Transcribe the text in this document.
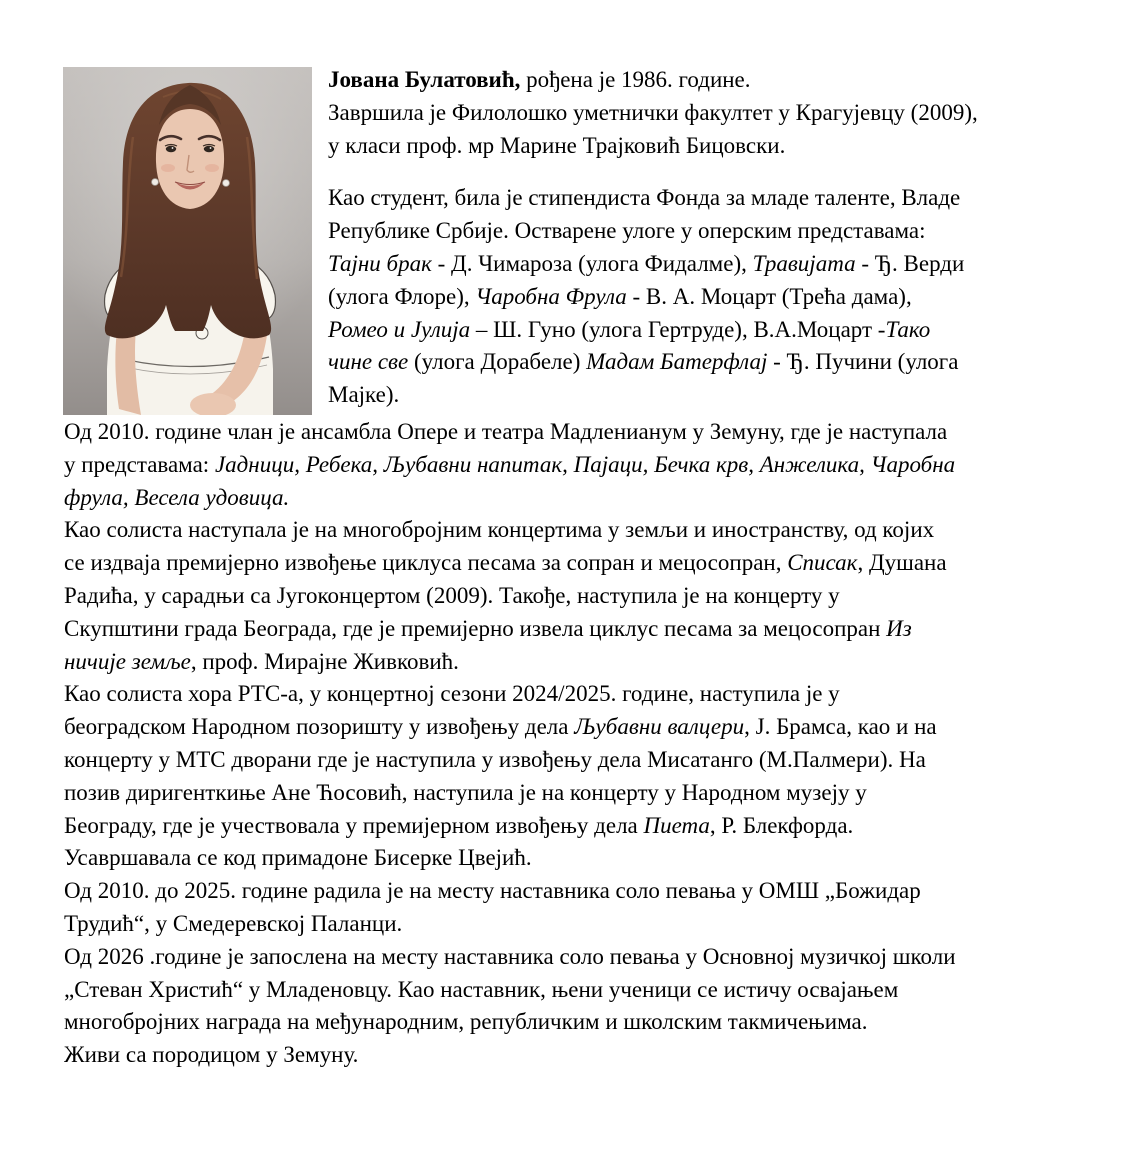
Јована Булатовић, рођена је 1986. године.
Завршила је Филолошко уметнички факултет у Крагујевцу (2009),
у класи проф. мр Марине Трајковић Бицовски.
Као студент, била је стипендиста Фонда за младе таленте, Владе
Републике Србије. Остварене улоге у оперским представама:
Тајни брак - Д. Чимароза (улога Фидалме), Травијата - Ђ. Верди
(улога Флоре), Чаробна Фрула - В. А. Моцарт (Трећа дама),
Ромео и Јулија – Ш. Гуно (улога Гертруде), В.А.Моцарт -Тако
чине све (улога Дорабеле) Мадам Батерфлај - Ђ. Пучини (улога
Мајке).
Од 2010. године члан је ансамбла Опере и театра Мадленианум у Земуну, где је наступала
у представама: Јадници, Ребека, Љубавни напитак, Пајаци, Бечка крв, Анжелика, Чаробна
фрула, Весела удовица.
Као солиста наступала је на многобројним концертима у земљи и иностранству, од којих
се издваја премијерно извођење циклуса песама за сопран и мецосопран, Списак, Душана
Радића, у сарадњи са Југоконцертом (2009). Такође, наступила је на концерту у
Скупштини града Београда, где је премијерно извела циклус песама за мецосопран Из
ничије земље, проф. Мирајне Живковић.
Као солиста хора РТС-а, у концертној сезони 2024/2025. године, наступила је у
београдском Народном позоришту у извођењу дела Љубавни валцери, Ј. Брамса, као и на
концерту у МТС дворани где је наступила у извођењу дела Мисатанго (М.Палмери). На
позив диригенткиње Ане Ћосовић, наступила је на концерту у Народном музеју у
Београду, где је учествовала у премијерном извођењу дела Пиета, Р. Блекфорда.
Усавршавала се код примадоне Бисерке Цвејић.
Од 2010. до 2025. године радила је на месту наставника соло певања у ОМШ „Божидар
Трудић“, у Смедеревској Паланци.
Од 2026 .године је запослена на месту наставника соло певања у Основној музичкој школи
„Стеван Христић“ у Младеновцу. Као наставник, њени ученици се истичу освајањем
многобројних награда на међународним, републичким и школским такмичењима.
Живи са породицом у Земуну.
